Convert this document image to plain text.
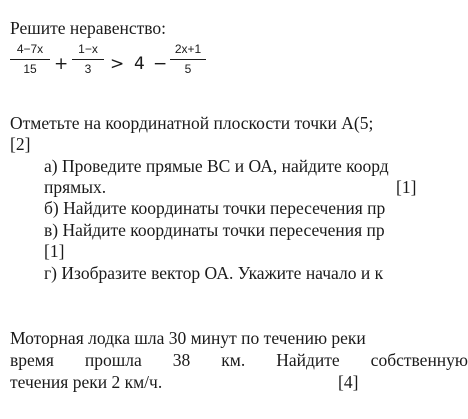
Решите неравенство:
4−7x
15	+
1−x
3	> 4 −
2x+1
5
Отметьте на координатной плоскости точки А(5;
[2]
а) Проведите прямые ВС и ОА, найдите коорд
прямых.	[1]
б) Найдите координаты точки пересечения пр
в) Найдите координаты точки пересечения пр
[1]
г) Изобразите вектор ОА. Укажите начало и к
Моторная лодка шла 30 минут по течению реки
время прошла 38 км. Найдите собственную
течения реки 2 км/ч.	[4]
